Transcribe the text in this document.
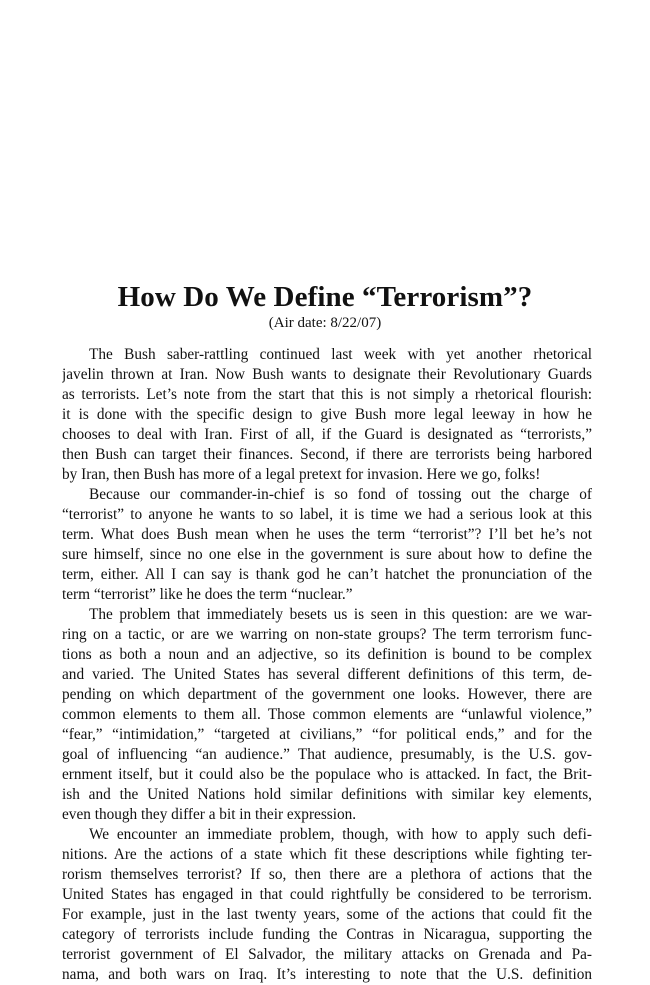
How Do We Define “Terrorism”?
(Air date: 8/22/07)
The Bush saber-rattling continued last week with yet another rhetorical
javelin thrown at Iran. Now Bush wants to designate their Revolutionary Guards
as terrorists. Let’s note from the start that this is not simply a rhetorical flourish:
it is done with the specific design to give Bush more legal leeway in how he
chooses to deal with Iran. First of all, if the Guard is designated as “terrorists,”
then Bush can target their finances. Second, if there are terrorists being harbored
by Iran, then Bush has more of a legal pretext for invasion. Here we go, folks!
Because our commander-in-chief is so fond of tossing out the charge of
“terrorist” to anyone he wants to so label, it is time we had a serious look at this
term. What does Bush mean when he uses the term “terrorist”? I’ll bet he’s not
sure himself, since no one else in the government is sure about how to define the
term, either. All I can say is thank god he can’t hatchet the pronunciation of the
term “terrorist” like he does the term “nuclear.”
The problem that immediately besets us is seen in this question: are we war-
ring on a tactic, or are we warring on non-state groups? The term terrorism func-
tions as both a noun and an adjective, so its definition is bound to be complex
and varied. The United States has several different definitions of this term, de-
pending on which department of the government one looks. However, there are
common elements to them all. Those common elements are “unlawful violence,”
“fear,” “intimidation,” “targeted at civilians,” “for political ends,” and for the
goal of influencing “an audience.” That audience, presumably, is the U.S. gov-
ernment itself, but it could also be the populace who is attacked. In fact, the Brit-
ish and the United Nations hold similar definitions with similar key elements,
even though they differ a bit in their expression.
We encounter an immediate problem, though, with how to apply such defi-
nitions. Are the actions of a state which fit these descriptions while fighting ter-
rorism themselves terrorist? If so, then there are a plethora of actions that the
United States has engaged in that could rightfully be considered to be terrorism.
For example, just in the last twenty years, some of the actions that could fit the
category of terrorists include funding the Contras in Nicaragua, supporting the
terrorist government of El Salvador, the military attacks on Grenada and Pa-
nama, and both wars on Iraq. It’s interesting to note that the U.S. definition
